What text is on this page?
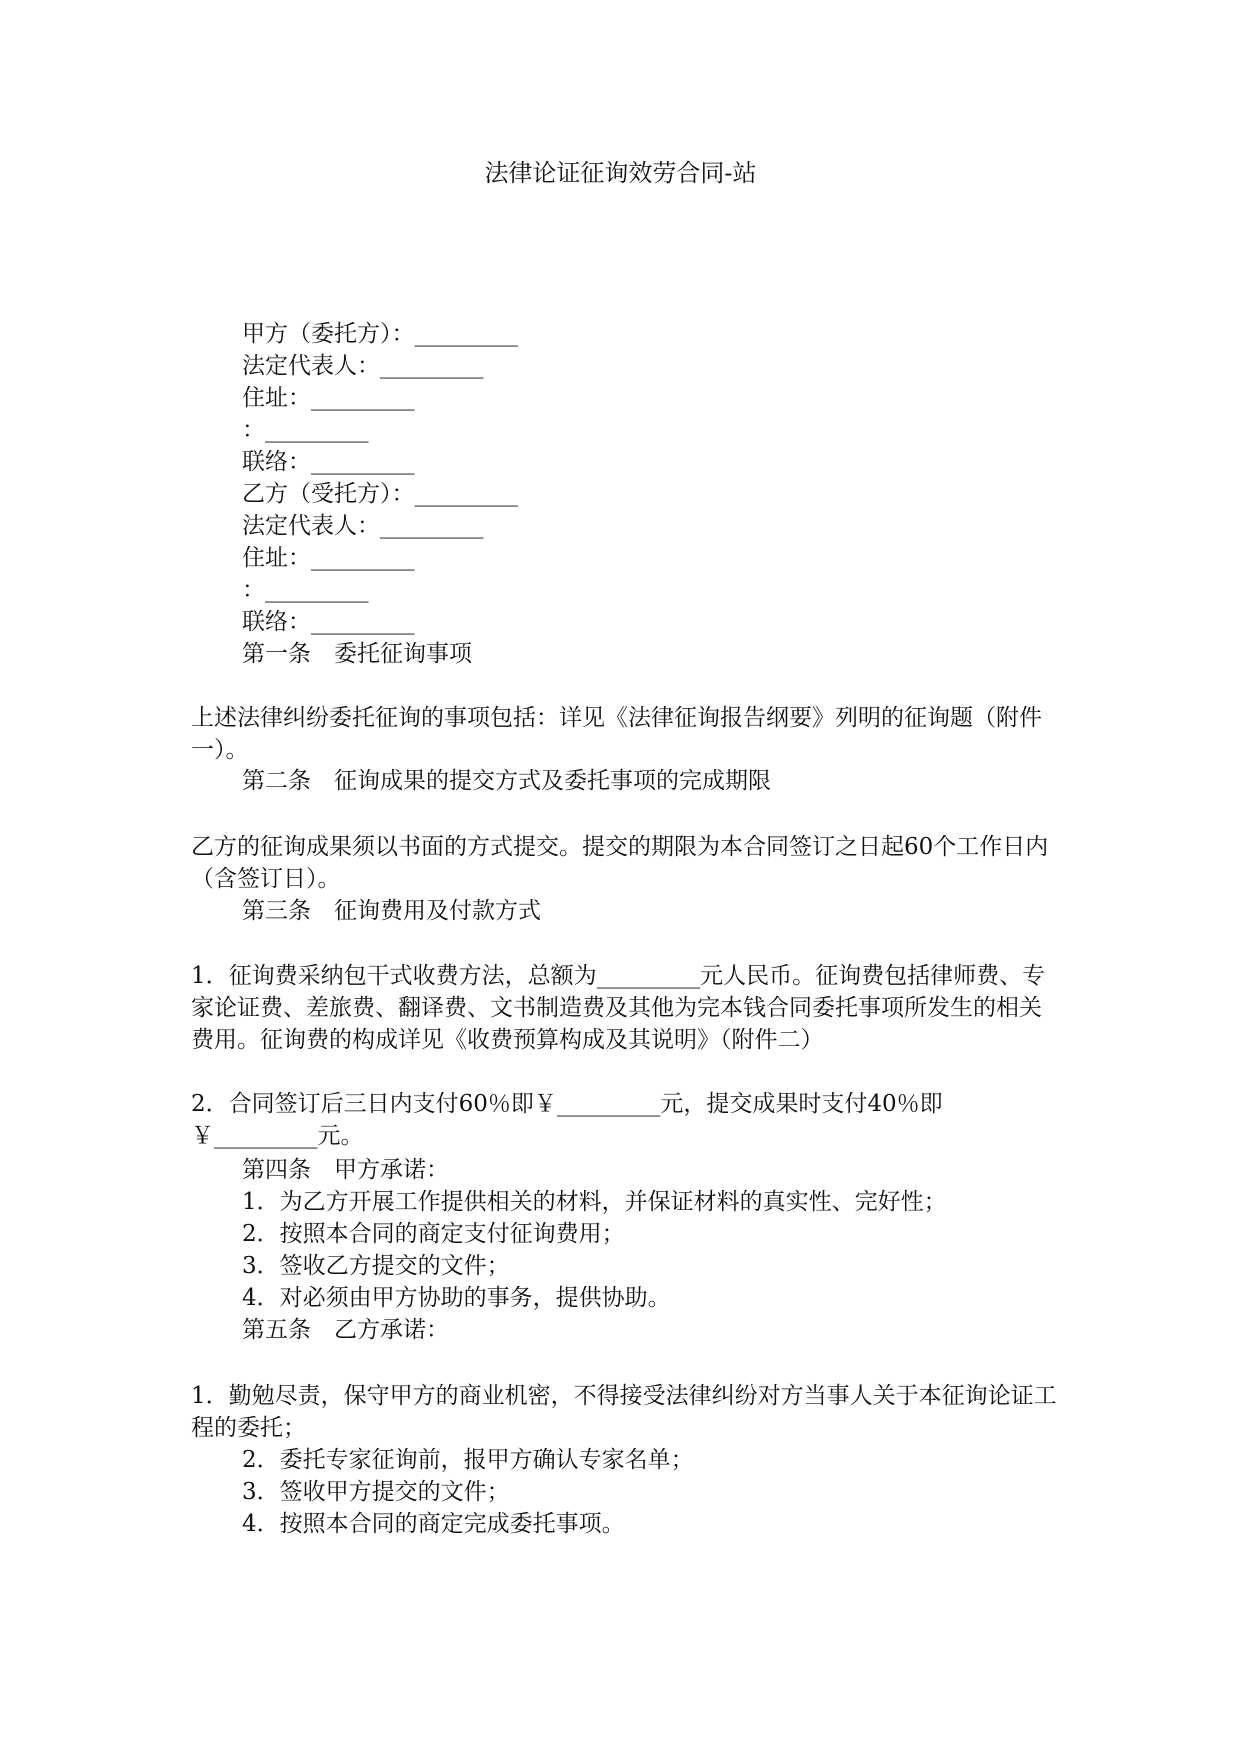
法律论证征询效劳合同-站
甲方（委托方）：_________
法定代表人：_________
住址：_________
：_________
联络：_________
乙方（受托方）：_________
法定代表人：_________
住址：_________
：_________
联络：_________
第一条　委托征询事项
上述法律纠纷委托征询的事项包括：详见《法律征询报告纲要》列明的征询题（附件一）。
第二条　征询成果的提交方式及委托事项的完成期限
乙方的征询成果须以书面的方式提交。提交的期限为本合同签订之日起60个工作日内（含签订日）。
第三条　征询费用及付款方式
1．征询费采纳包干式收费方法，总额为_________元人民币。征询费包括律师费、专家论证费、差旅费、翻译费、文书制造费及其他为完本钱合同委托事项所发生的相关费用。征询费的构成详见《收费预算构成及其说明》（附件二）
2．合同签订后三日内支付60％即￥_________元，提交成果时支付40％即￥_________元。
第四条　甲方承诺：
1．为乙方开展工作提供相关的材料，并保证材料的真实性、完好性；
2．按照本合同的商定支付征询费用；
3．签收乙方提交的文件；
4．对必须由甲方协助的事务，提供协助。
第五条　乙方承诺：
1．勤勉尽责，保守甲方的商业机密，不得接受法律纠纷对方当事人关于本征询论证工程的委托；
2．委托专家征询前，报甲方确认专家名单；
3．签收甲方提交的文件；
4．按照本合同的商定完成委托事项。
